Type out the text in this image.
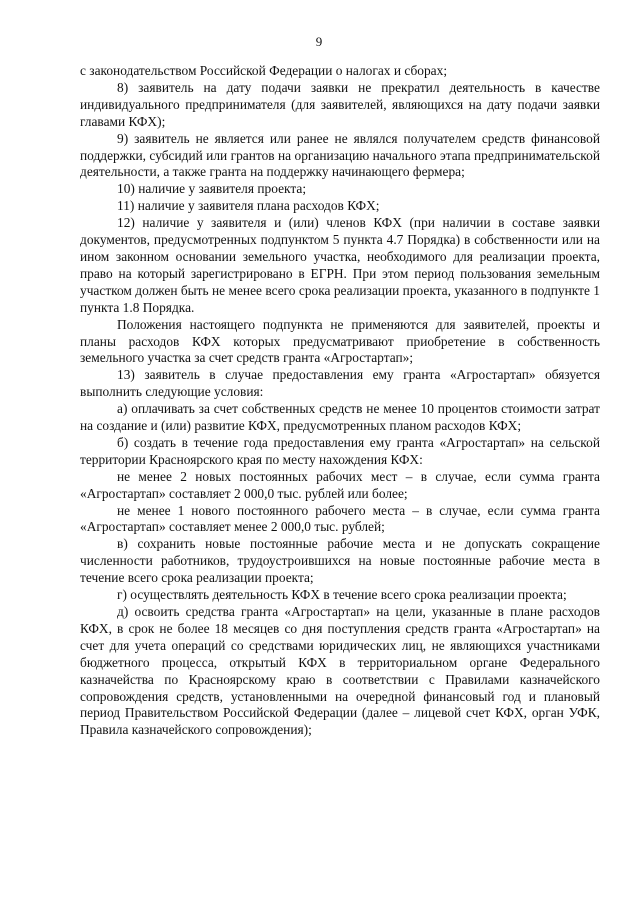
9

с законодательством Российской Федерации о налогах и сборах;

8) заявитель на дату подачи заявки не прекратил деятельность в качестве индивидуального предпринимателя (для заявителей, являющихся на дату подачи заявки главами КФХ);

9) заявитель не является или ранее не являлся получателем средств финансовой поддержки, субсидий или грантов на организацию начального этапа предпринимательской деятельности, а также гранта на поддержку начинающего фермера;

10) наличие у заявителя проекта;

11) наличие у заявителя плана расходов КФХ;

12) наличие у заявителя и (или) членов КФХ (при наличии в составе заявки документов, предусмотренных подпунктом 5 пункта 4.7 Порядка) в собственности или на ином законном основании земельного участка, необходимого для реализации проекта, право на который зарегистрировано в ЕГРН. При этом период пользования земельным участком должен быть не менее всего срока реализации проекта, указанного в подпункте 1 пункта 1.8 Порядка.

Положения настоящего подпункта не применяются для заявителей, проекты и планы расходов КФХ которых предусматривают приобретение в собственность земельного участка за счет средств гранта «Агростартап»;

13) заявитель в случае предоставления ему гранта «Агростартап» обязуется выполнить следующие условия:

а) оплачивать за счет собственных средств не менее 10 процентов стоимости затрат на создание и (или) развитие КФХ, предусмотренных планом расходов КФХ;

б) создать в течение года предоставления ему гранта «Агростартап» на сельской территории Красноярского края по месту нахождения КФХ:

не менее 2 новых постоянных рабочих мест – в случае, если сумма гранта «Агростартап» составляет 2 000,0 тыс. рублей или более;

не менее 1 нового постоянного рабочего места – в случае, если сумма гранта «Агростартап» составляет менее 2 000,0 тыс. рублей;

в) сохранить новые постоянные рабочие места и не допускать сокращение численности работников, трудоустроившихся на новые постоянные рабочие места в течение всего срока реализации проекта;

г) осуществлять деятельность КФХ в течение всего срока реализации проекта;

д) освоить средства гранта «Агростартап» на цели, указанные в плане расходов КФХ, в срок не более 18 месяцев со дня поступления средств гранта «Агростартап» на счет для учета операций со средствами юридических лиц, не являющихся участниками бюджетного процесса, открытый КФХ в территориальном органе Федерального казначейства по Красноярскому краю в соответствии с Правилами казначейского сопровождения средств, установленными на очередной финансовый год и плановый период Правительством Российской Федерации (далее – лицевой счет КФХ, орган УФК, Правила казначейского сопровождения);
